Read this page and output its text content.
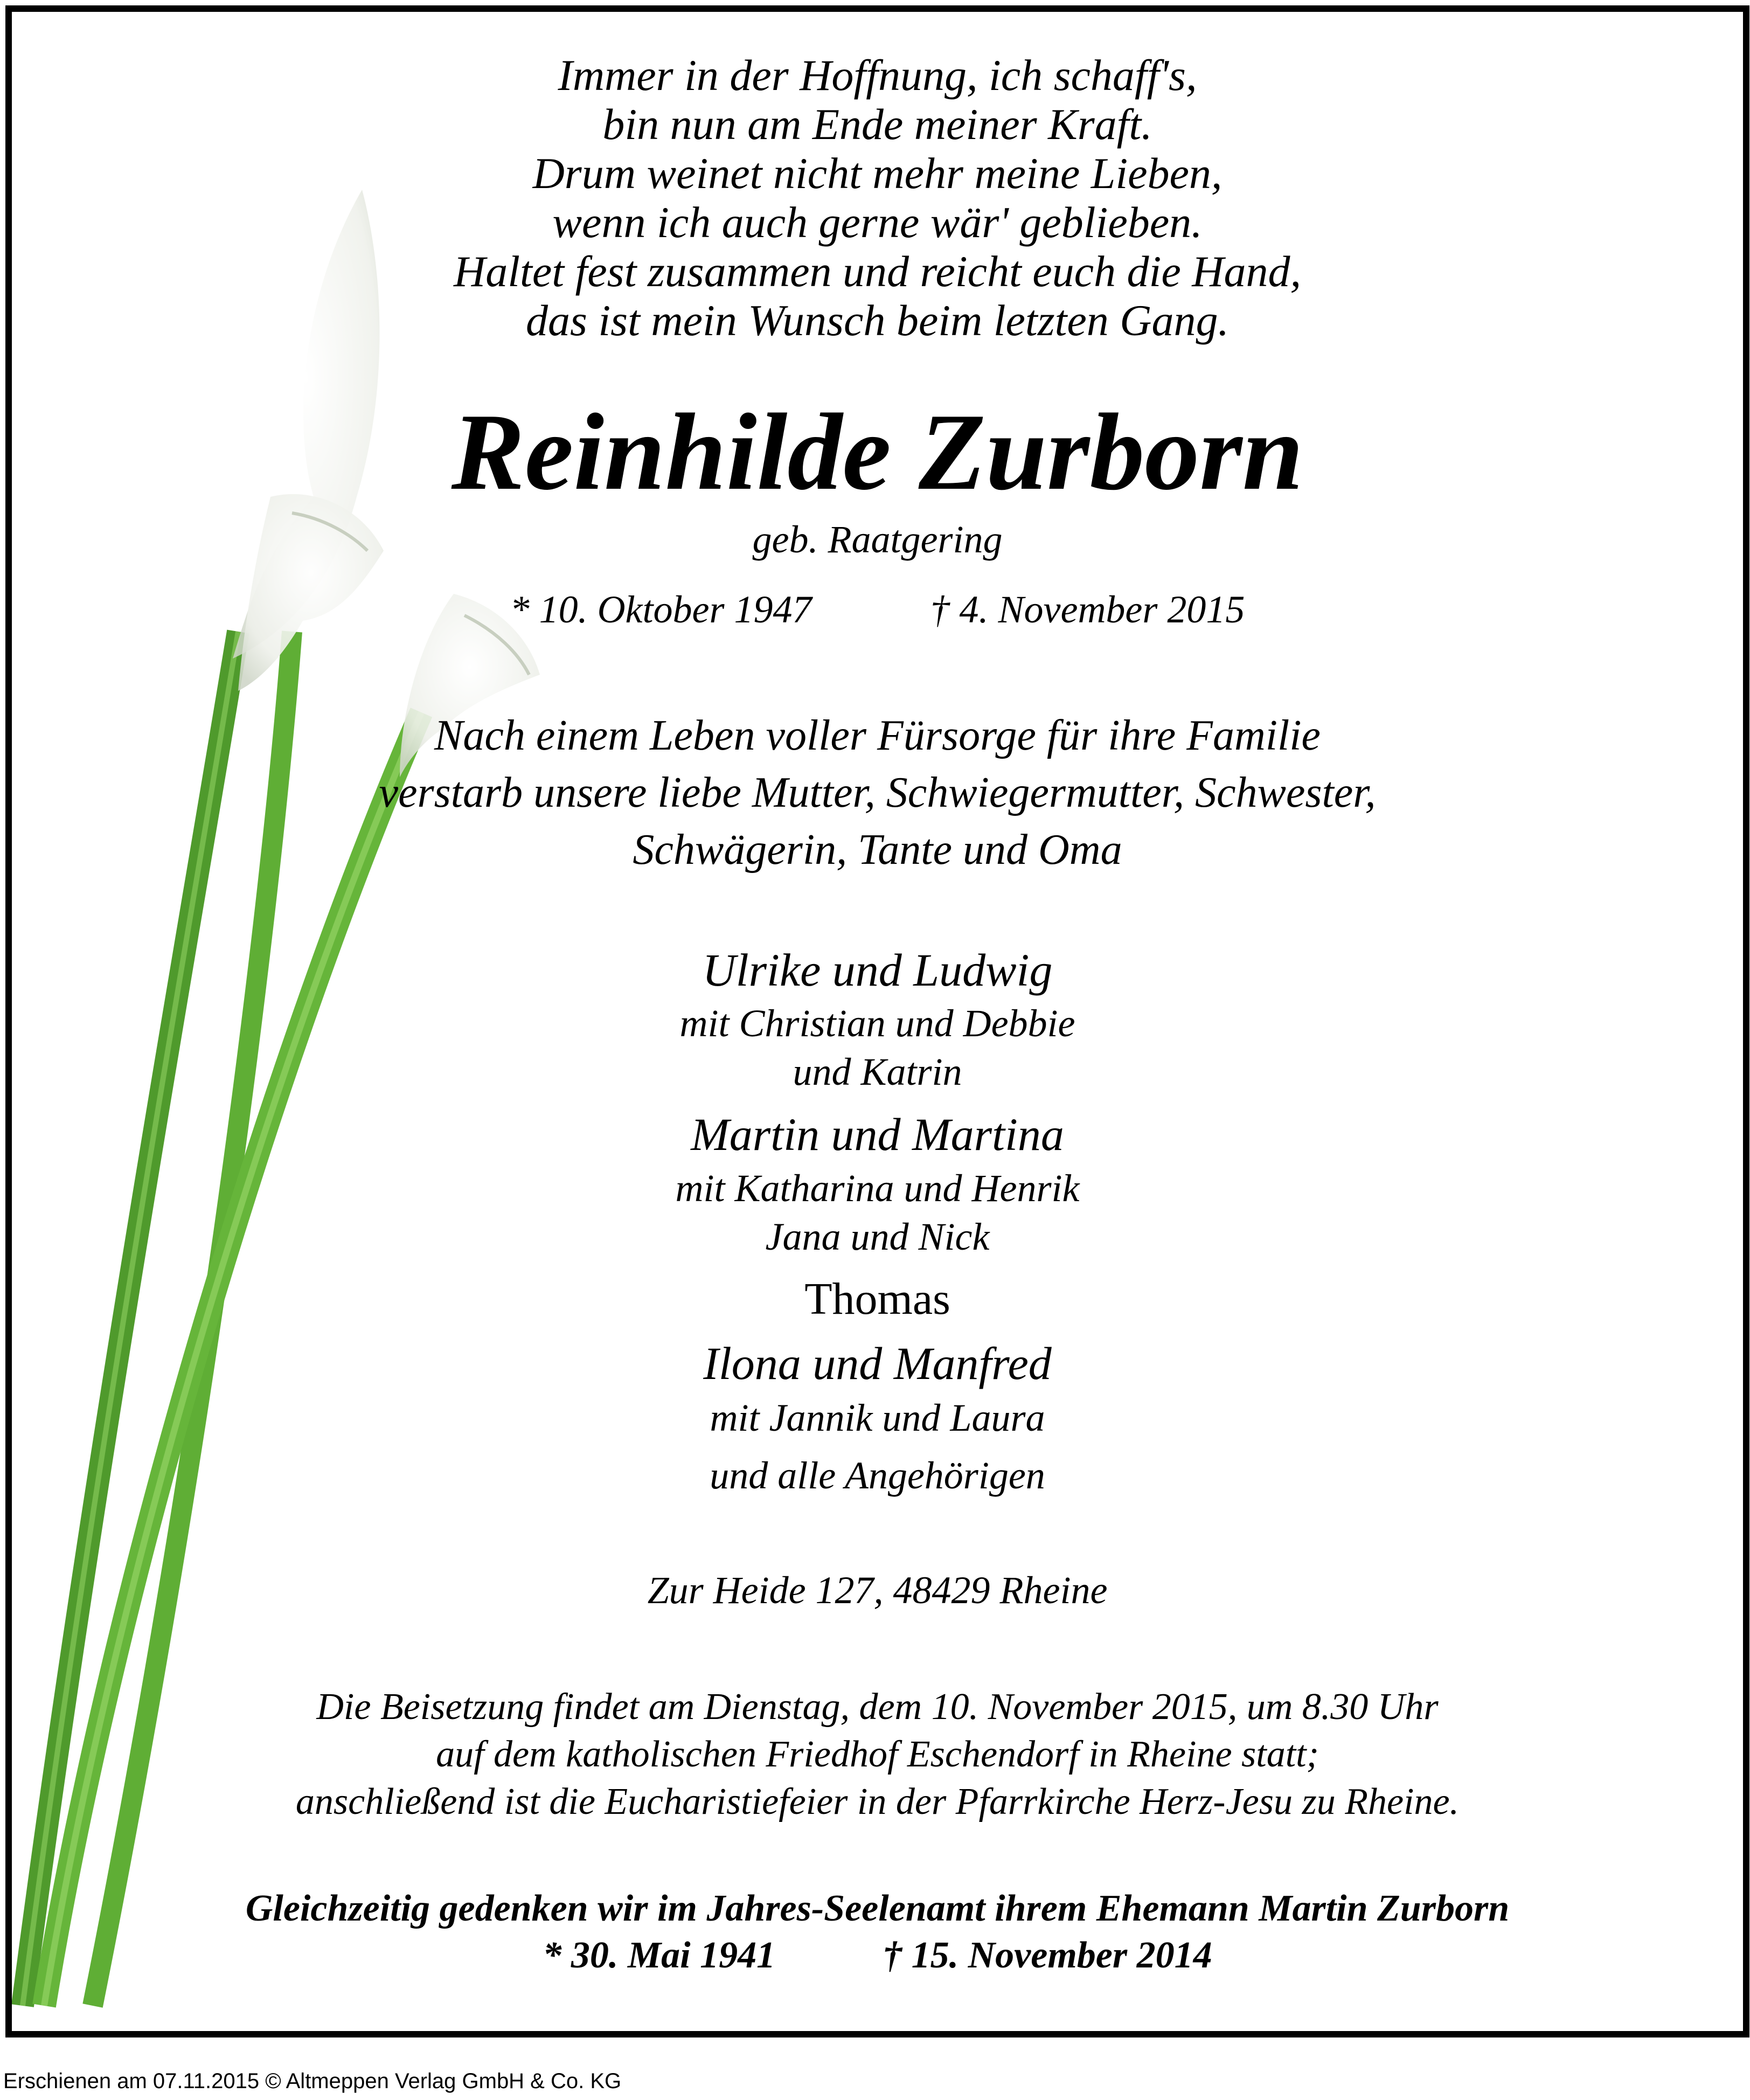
Immer in der Hoffnung, ich schaff's,
bin nun am Ende meiner Kraft.
Drum weinet nicht mehr meine Lieben,
wenn ich auch gerne wär' geblieben.
Haltet fest zusammen und reicht euch die Hand,
das ist mein Wunsch beim letzten Gang.
Reinhilde Zurborn
geb. Raatgering
* 10. Oktober 1947	† 4. November 2015
Nach einem Leben voller Fürsorge für ihre Familie
verstarb unsere liebe Mutter, Schwiegermutter, Schwester,
Schwägerin, Tante und Oma
Ulrike und Ludwig
mit Christian und Debbie
und Katrin
Martin und Martina
mit Katharina und Henrik
Jana und Nick
Thomas
Ilona und Manfred
mit Jannik und Laura
und alle Angehörigen
Zur Heide 127, 48429 Rheine
Die Beisetzung findet am Dienstag, dem 10. November 2015, um 8.30 Uhr
auf dem katholischen Friedhof Eschendorf in Rheine statt;
anschließend ist die Eucharistiefeier in der Pfarrkirche Herz-Jesu zu Rheine.
Gleichzeitig gedenken wir im Jahres-Seelenamt ihrem Ehemann Martin Zurborn
* 30. Mai 1941	† 15. November 2014
Erschienen am 07.11.2015 © Altmeppen Verlag GmbH & Co. KG
